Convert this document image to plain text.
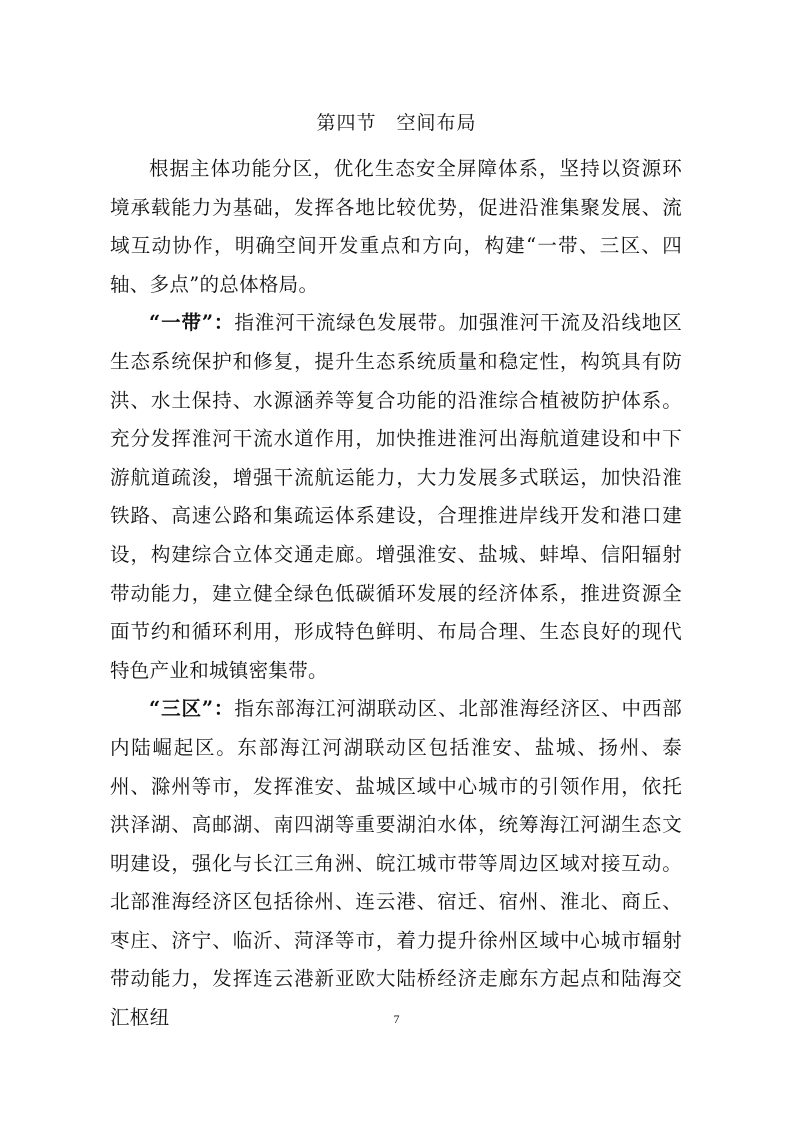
第四节　空间布局

根据主体功能分区，优化生态安全屏障体系，坚持以资源环境承载能力为基础，发挥各地比较优势，促进沿淮集聚发展、流域互动协作，明确空间开发重点和方向，构建“一带、三区、四轴、多点”的总体格局。

“一带”：指淮河干流绿色发展带。加强淮河干流及沿线地区生态系统保护和修复，提升生态系统质量和稳定性，构筑具有防洪、水土保持、水源涵养等复合功能的沿淮综合植被防护体系。充分发挥淮河干流水道作用，加快推进淮河出海航道建设和中下游航道疏浚，增强干流航运能力，大力发展多式联运，加快沿淮铁路、高速公路和集疏运体系建设，合理推进岸线开发和港口建设，构建综合立体交通走廊。增强淮安、盐城、蚌埠、信阳辐射带动能力，建立健全绿色低碳循环发展的经济体系，推进资源全面节约和循环利用，形成特色鲜明、布局合理、生态良好的现代特色产业和城镇密集带。

“三区”：指东部海江河湖联动区、北部淮海经济区、中西部内陆崛起区。东部海江河湖联动区包括淮安、盐城、扬州、泰州、滁州等市，发挥淮安、盐城区域中心城市的引领作用，依托洪泽湖、高邮湖、南四湖等重要湖泊水体，统筹海江河湖生态文明建设，强化与长江三角洲、皖江城市带等周边区域对接互动。北部淮海经济区包括徐州、连云港、宿迁、宿州、淮北、商丘、枣庄、济宁、临沂、菏泽等市，着力提升徐州区域中心城市辐射带动能力，发挥连云港新亚欧大陆桥经济走廊东方起点和陆海交汇枢纽	7
